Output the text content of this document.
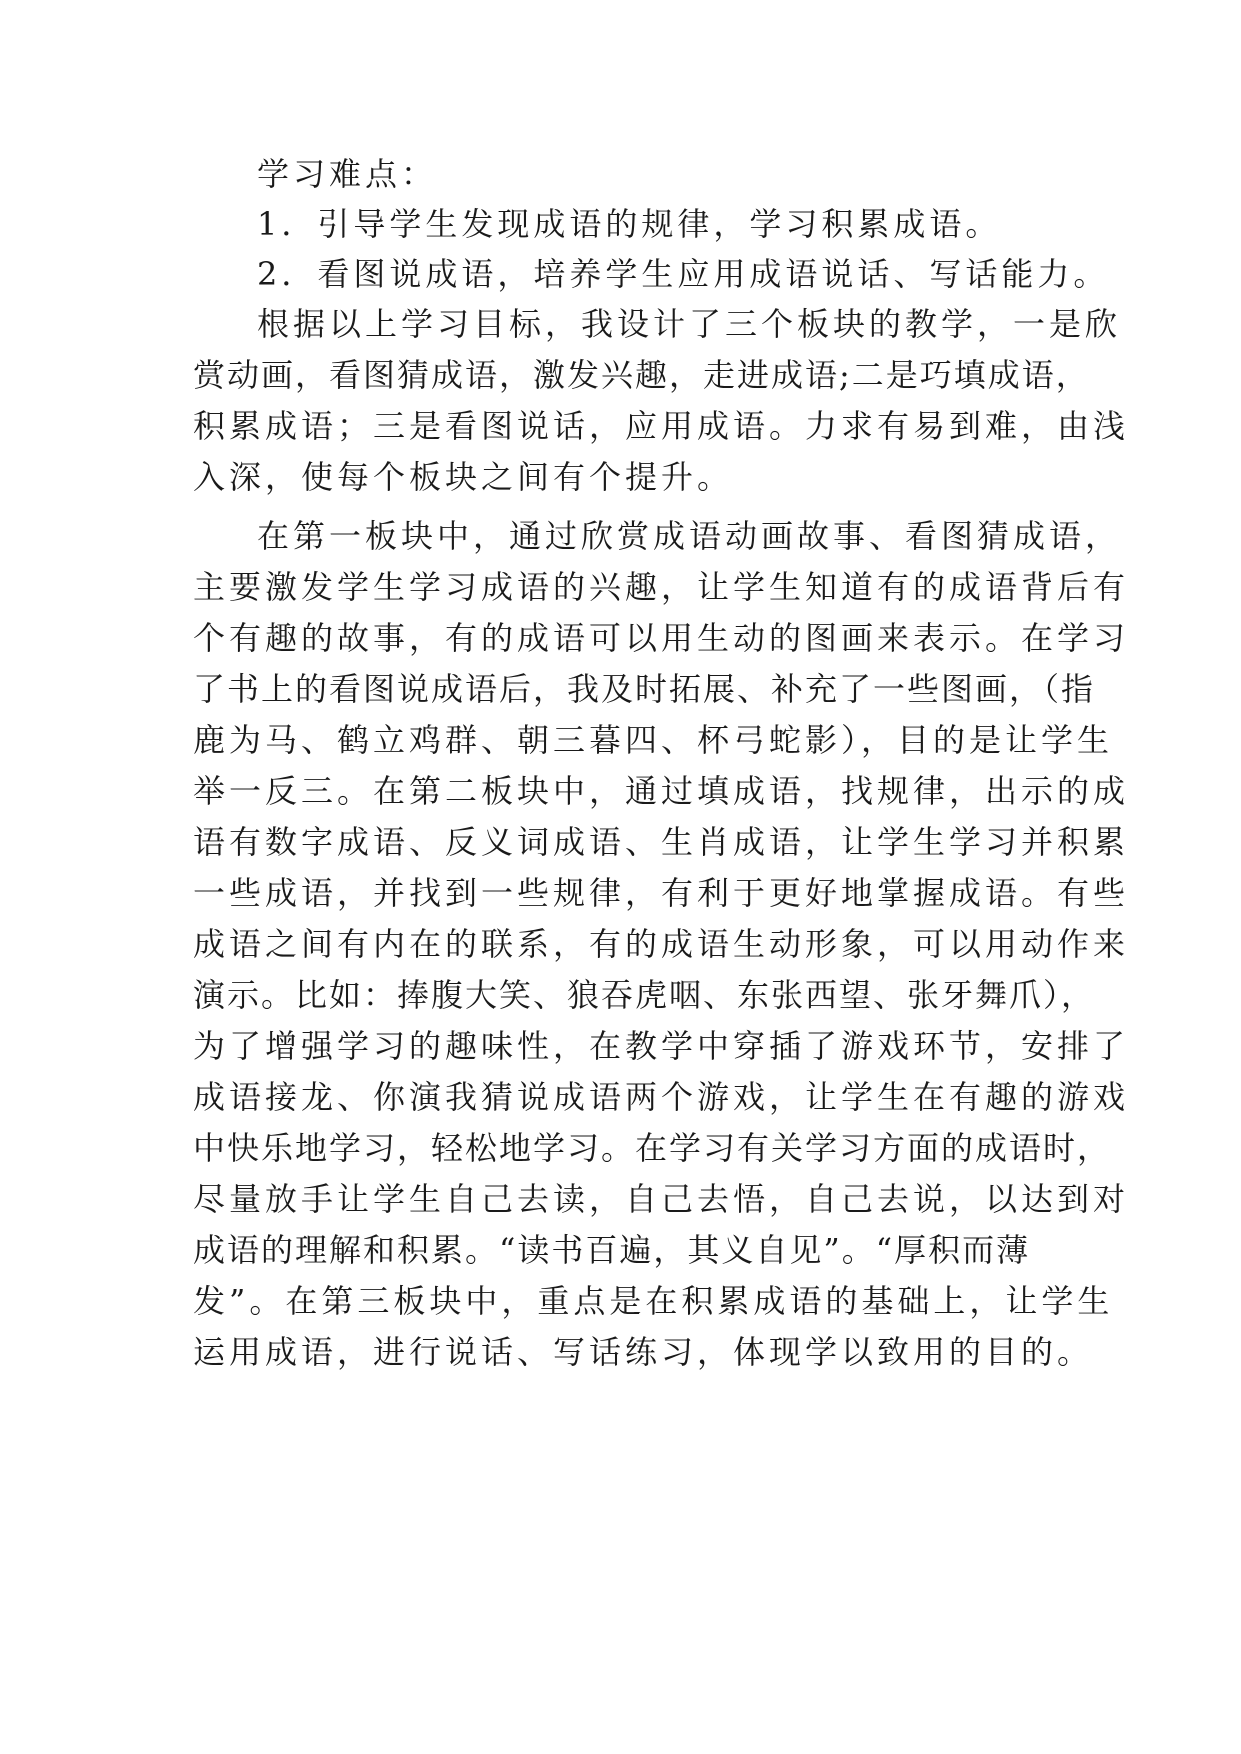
学习难点：
1．引导学生发现成语的规律，学习积累成语。
2．看图说成语，培养学生应用成语说话、写话能力。
根据以上学习目标，我设计了三个板块的教学，一是欣
赏动画，看图猜成语，激发兴趣，走进成语;二是巧填成语，
积累成语；三是看图说话，应用成语。力求有易到难，由浅
入深，使每个板块之间有个提升。
在第一板块中，通过欣赏成语动画故事、看图猜成语，
主要激发学生学习成语的兴趣，让学生知道有的成语背后有
个有趣的故事，有的成语可以用生动的图画来表示。在学习
了书上的看图说成语后，我及时拓展、补充了一些图画，（指
鹿为马、鹤立鸡群、朝三暮四、杯弓蛇影），目的是让学生
举一反三。在第二板块中，通过填成语，找规律，出示的成
语有数字成语、反义词成语、生肖成语，让学生学习并积累
一些成语，并找到一些规律，有利于更好地掌握成语。有些
成语之间有内在的联系，有的成语生动形象，可以用动作来
演示。比如：捧腹大笑、狼吞虎咽、东张西望、张牙舞爪），
为了增强学习的趣味性，在教学中穿插了游戏环节，安排了
成语接龙、你演我猜说成语两个游戏，让学生在有趣的游戏
中快乐地学习，轻松地学习。在学习有关学习方面的成语时，
尽量放手让学生自己去读，自己去悟，自己去说，以达到对
成语的理解和积累。“读书百遍，其义自见”。“厚积而薄
发”。在第三板块中，重点是在积累成语的基础上，让学生
运用成语，进行说话、写话练习，体现学以致用的目的。
